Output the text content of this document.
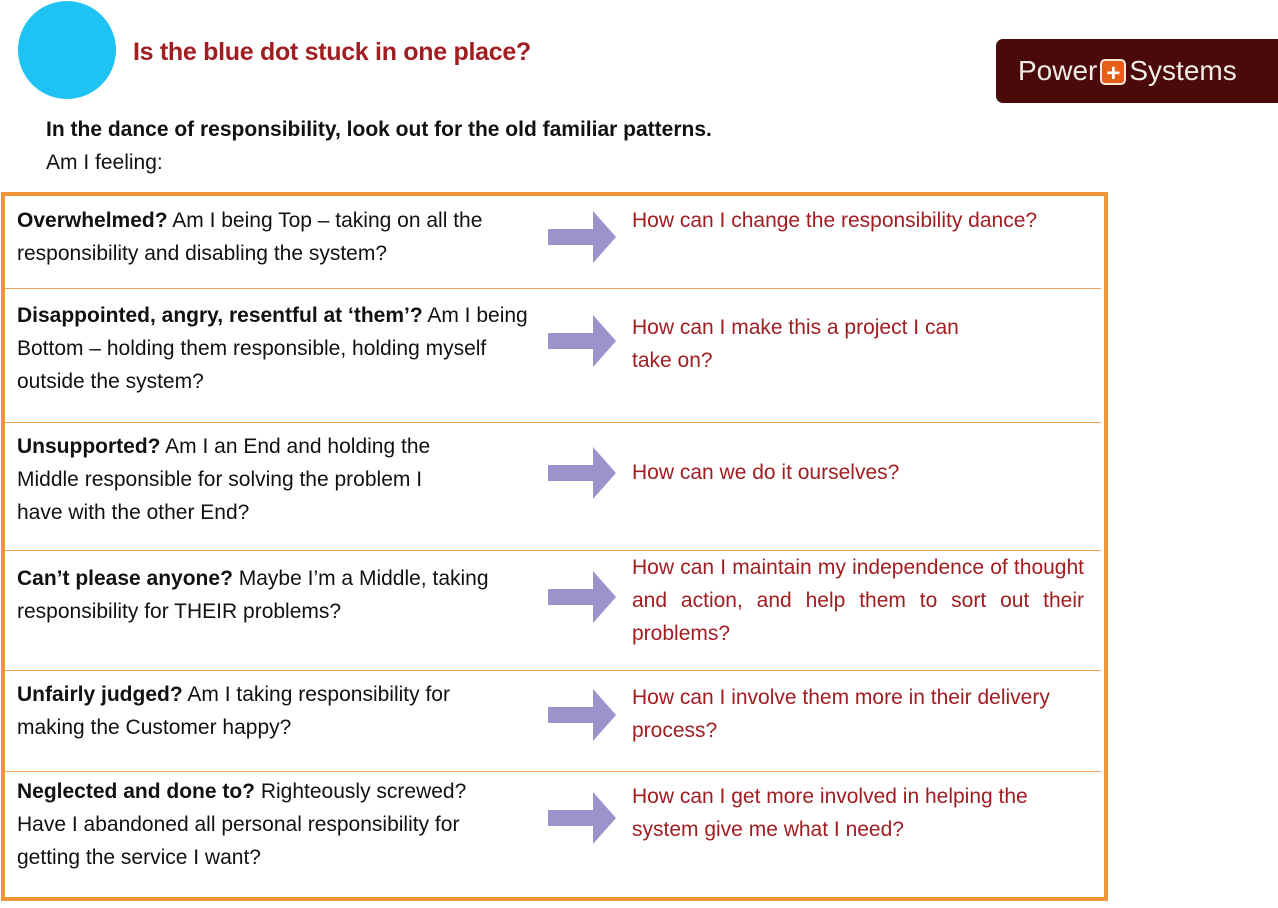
Is the blue dot stuck in one place?
Power + Systems
In the dance of responsibility, look out for the old familiar patterns.
Am I feeling:
Overwhelmed? Am I being Top – taking on all the responsibility and disabling the system?
How can I change the responsibility dance?
Disappointed, angry, resentful at ‘them’? Am I being Bottom – holding them responsible, holding myself outside the system?
How can I make this a project I can take on?
Unsupported? Am I an End and holding the Middle responsible for solving the problem I have with the other End?
How can we do it ourselves?
Can’t please anyone? Maybe I’m a Middle, taking responsibility for THEIR problems?
How can I maintain my independence of thought and action, and help them to sort out their problems?
Unfairly judged? Am I taking responsibility for making the Customer happy?
How can I involve them more in their delivery process?
Neglected and done to? Righteously screwed? Have I abandoned all personal responsibility for getting the service I want?
How can I get more involved in helping the system give me what I need?
